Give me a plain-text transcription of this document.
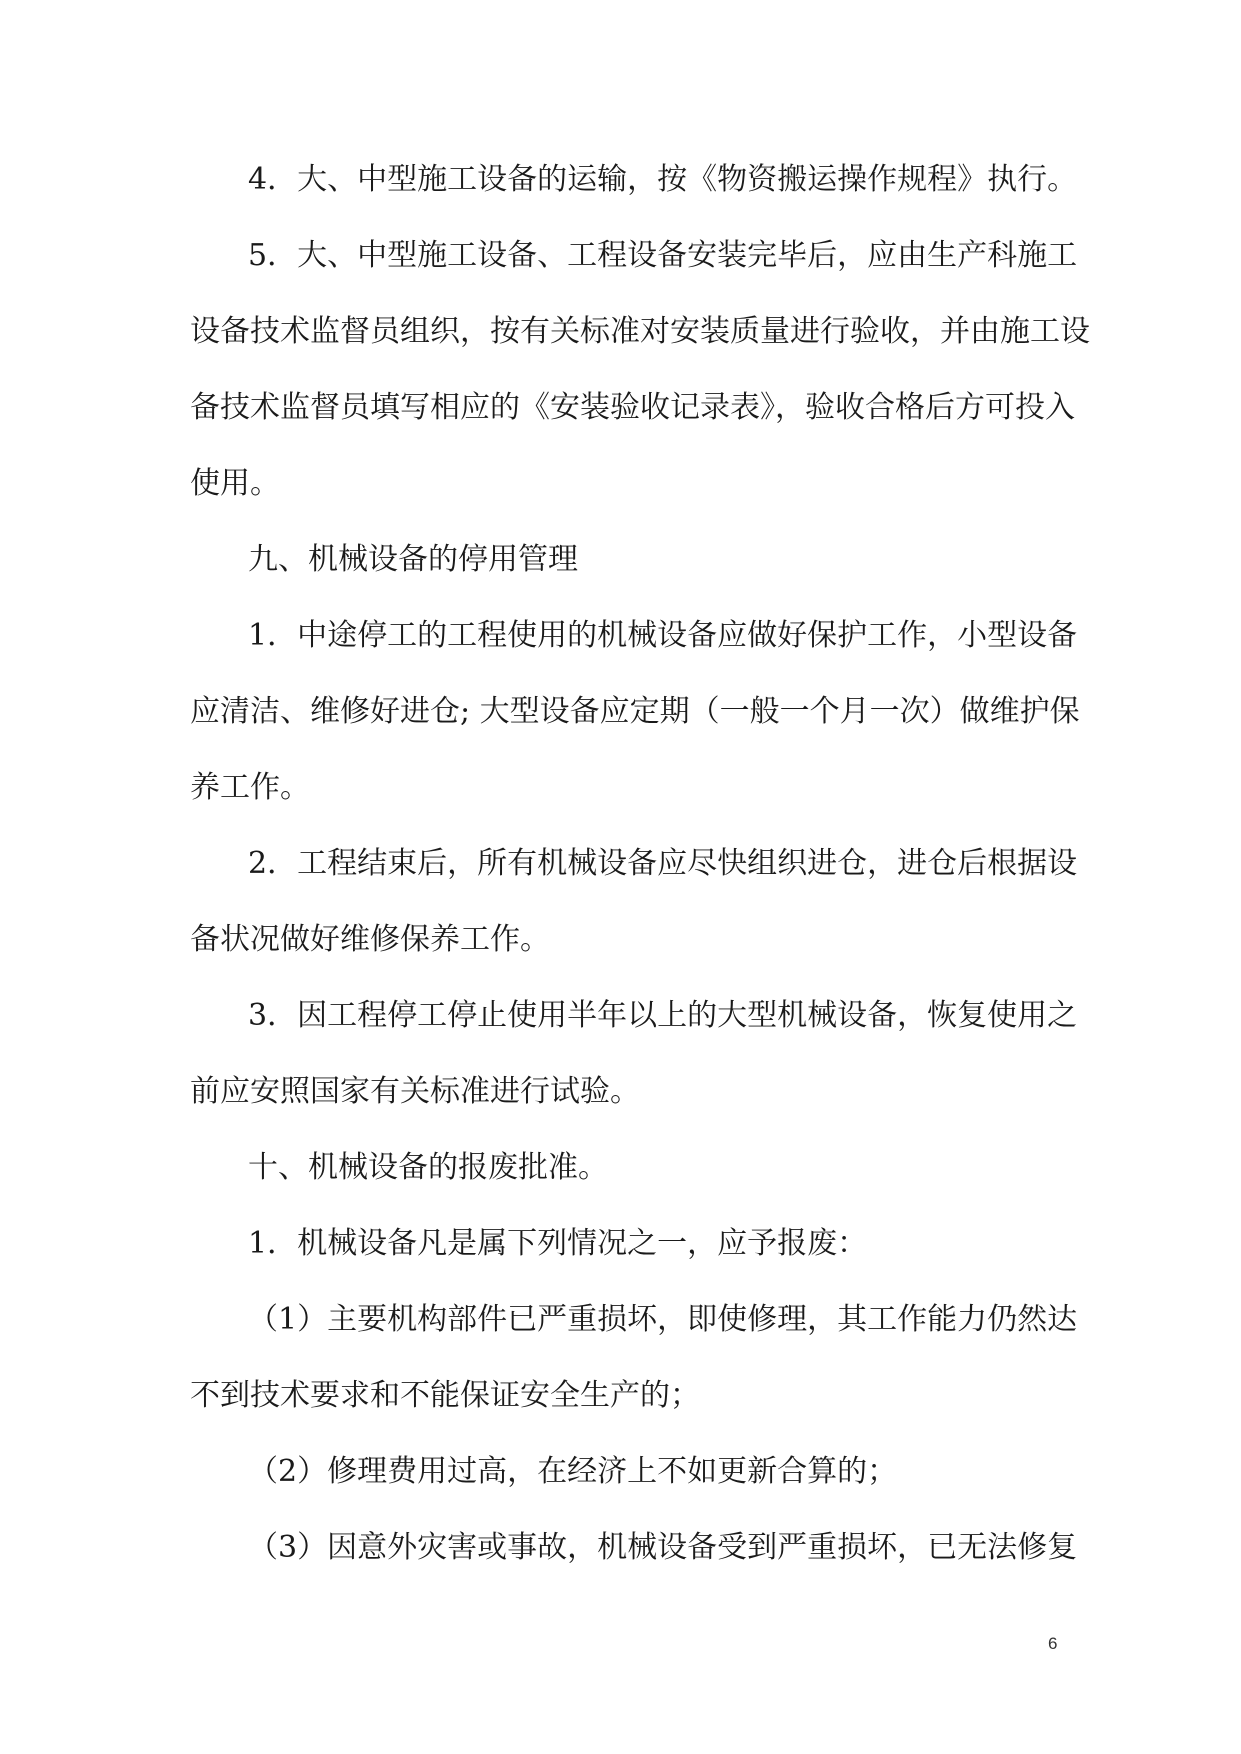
4．大、中型施工设备的运输，按《物资搬运操作规程》执行。

5．大、中型施工设备、工程设备安装完毕后，应由生产科施工

设备技术监督员组织，按有关标准对安装质量进行验收，并由施工设

备技术监督员填写相应的《安装验收记录表》，验收合格后方可投入

使用。

九、机械设备的停用管理

1．中途停工的工程使用的机械设备应做好保护工作，小型设备

应清洁、维修好进仓; 大型设备应定期（一般一个月一次）做维护保

养工作。

2．工程结束后，所有机械设备应尽快组织进仓，进仓后根据设

备状况做好维修保养工作。

3．因工程停工停止使用半年以上的大型机械设备，恢复使用之

前应安照国家有关标准进行试验。

十、机械设备的报废批准。

1．机械设备凡是属下列情况之一，应予报废：

（1）主要机构部件已严重损坏，即使修理，其工作能力仍然达

不到技术要求和不能保证安全生产的；

（2）修理费用过高，在经济上不如更新合算的；

（3）因意外灾害或事故，机械设备受到严重损坏，已无法修复

6
